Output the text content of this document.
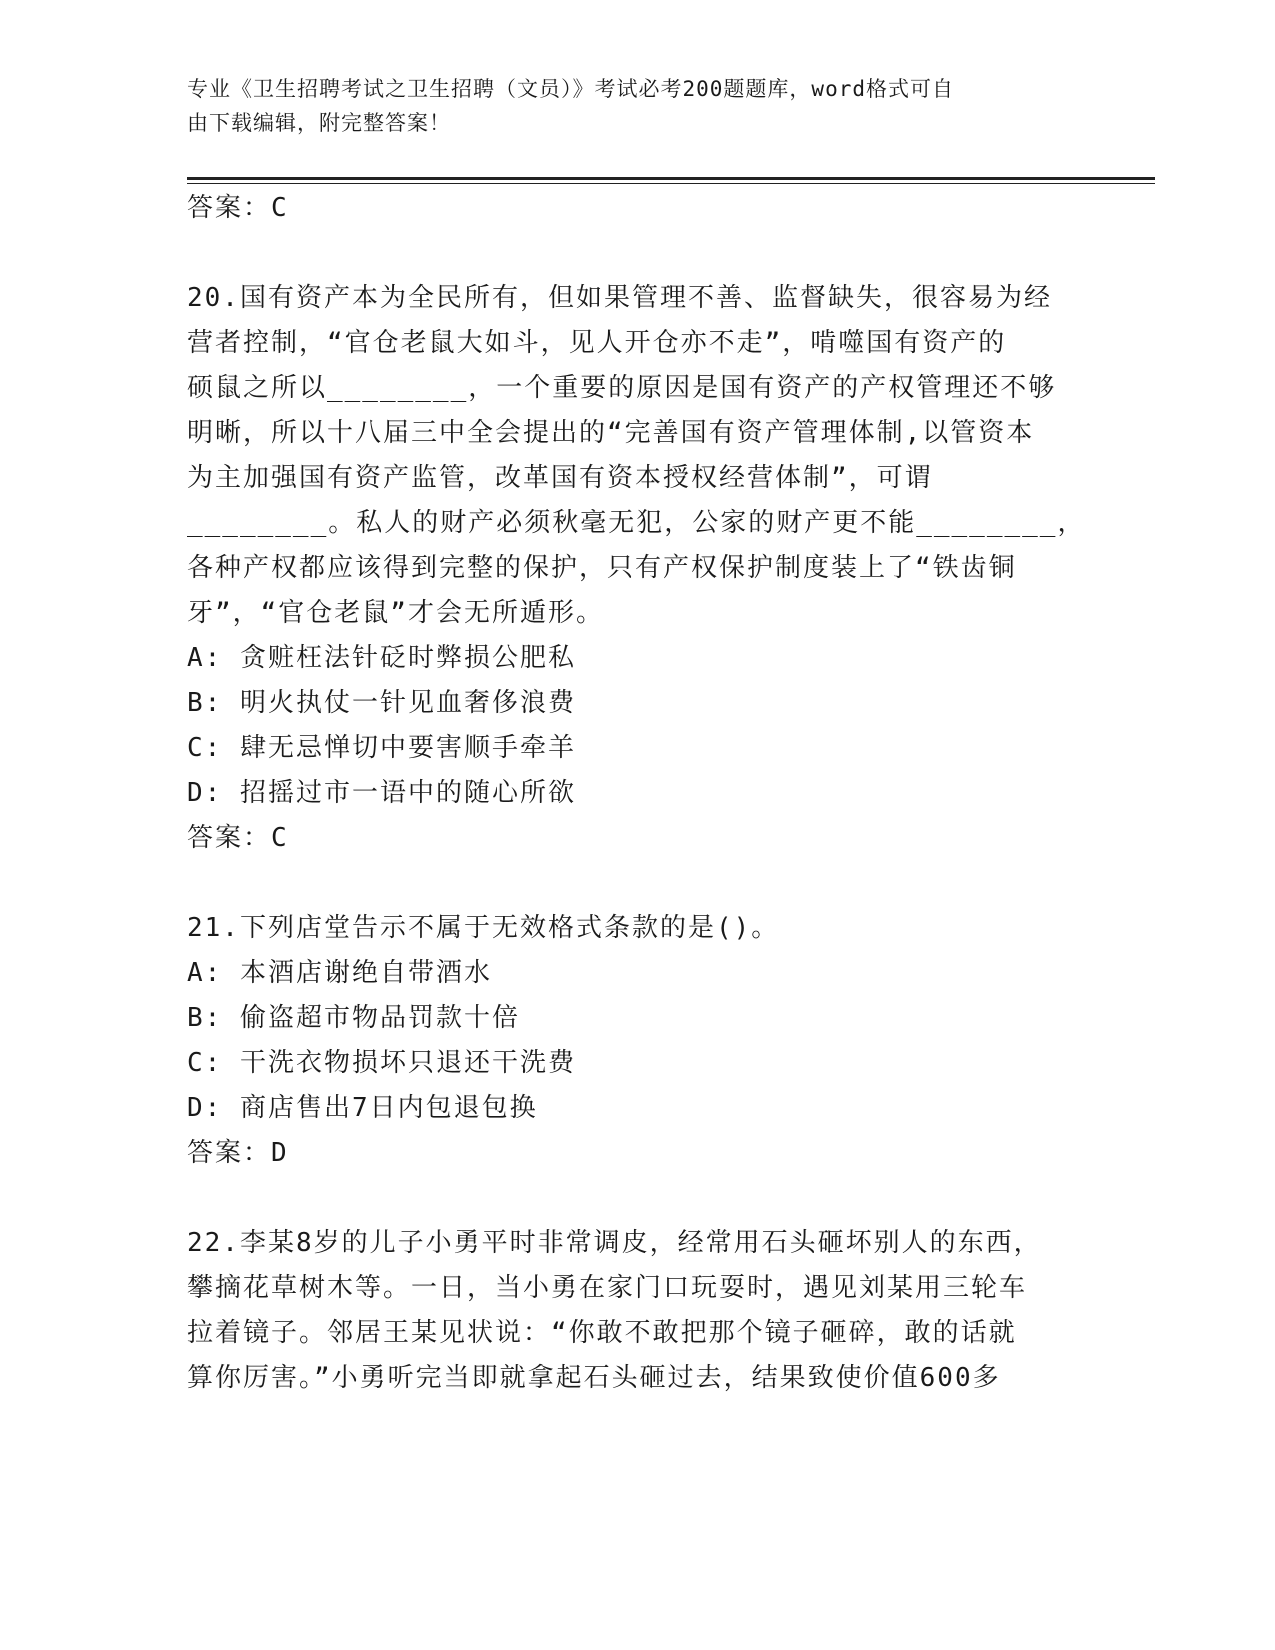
专业《卫生招聘考试之卫生招聘（文员）》考试必考200题题库，word格式可自
由下载编辑，附完整答案！
答案：C
20.国有资产本为全民所有，但如果管理不善、监督缺失，很容易为经
营者控制，“官仓老鼠大如斗，见人开仓亦不走”，啃噬国有资产的
硕鼠之所以________，一个重要的原因是国有资产的产权管理还不够
明晰，所以十八届三中全会提出的“完善国有资产管理体制,以管资本
为主加强国有资产监管，改革国有资本授权经营体制”，可谓
________。私人的财产必须秋毫无犯，公家的财产更不能________，
各种产权都应该得到完整的保护，只有产权保护制度装上了“铁齿铜
牙”，“官仓老鼠”才会无所遁形。
A: 贪赃枉法针砭时弊损公肥私
B: 明火执仗一针见血奢侈浪费
C: 肆无忌惮切中要害顺手牵羊
D: 招摇过市一语中的随心所欲
答案：C
21.下列店堂告示不属于无效格式条款的是()。
A: 本酒店谢绝自带酒水
B: 偷盗超市物品罚款十倍
C: 干洗衣物损坏只退还干洗费
D: 商店售出7日内包退包换
答案：D
22.李某8岁的儿子小勇平时非常调皮，经常用石头砸坏别人的东西，
攀摘花草树木等。一日，当小勇在家门口玩耍时，遇见刘某用三轮车
拉着镜子。邻居王某见状说：“你敢不敢把那个镜子砸碎，敢的话就
算你厉害。”小勇听完当即就拿起石头砸过去，结果致使价值600多
